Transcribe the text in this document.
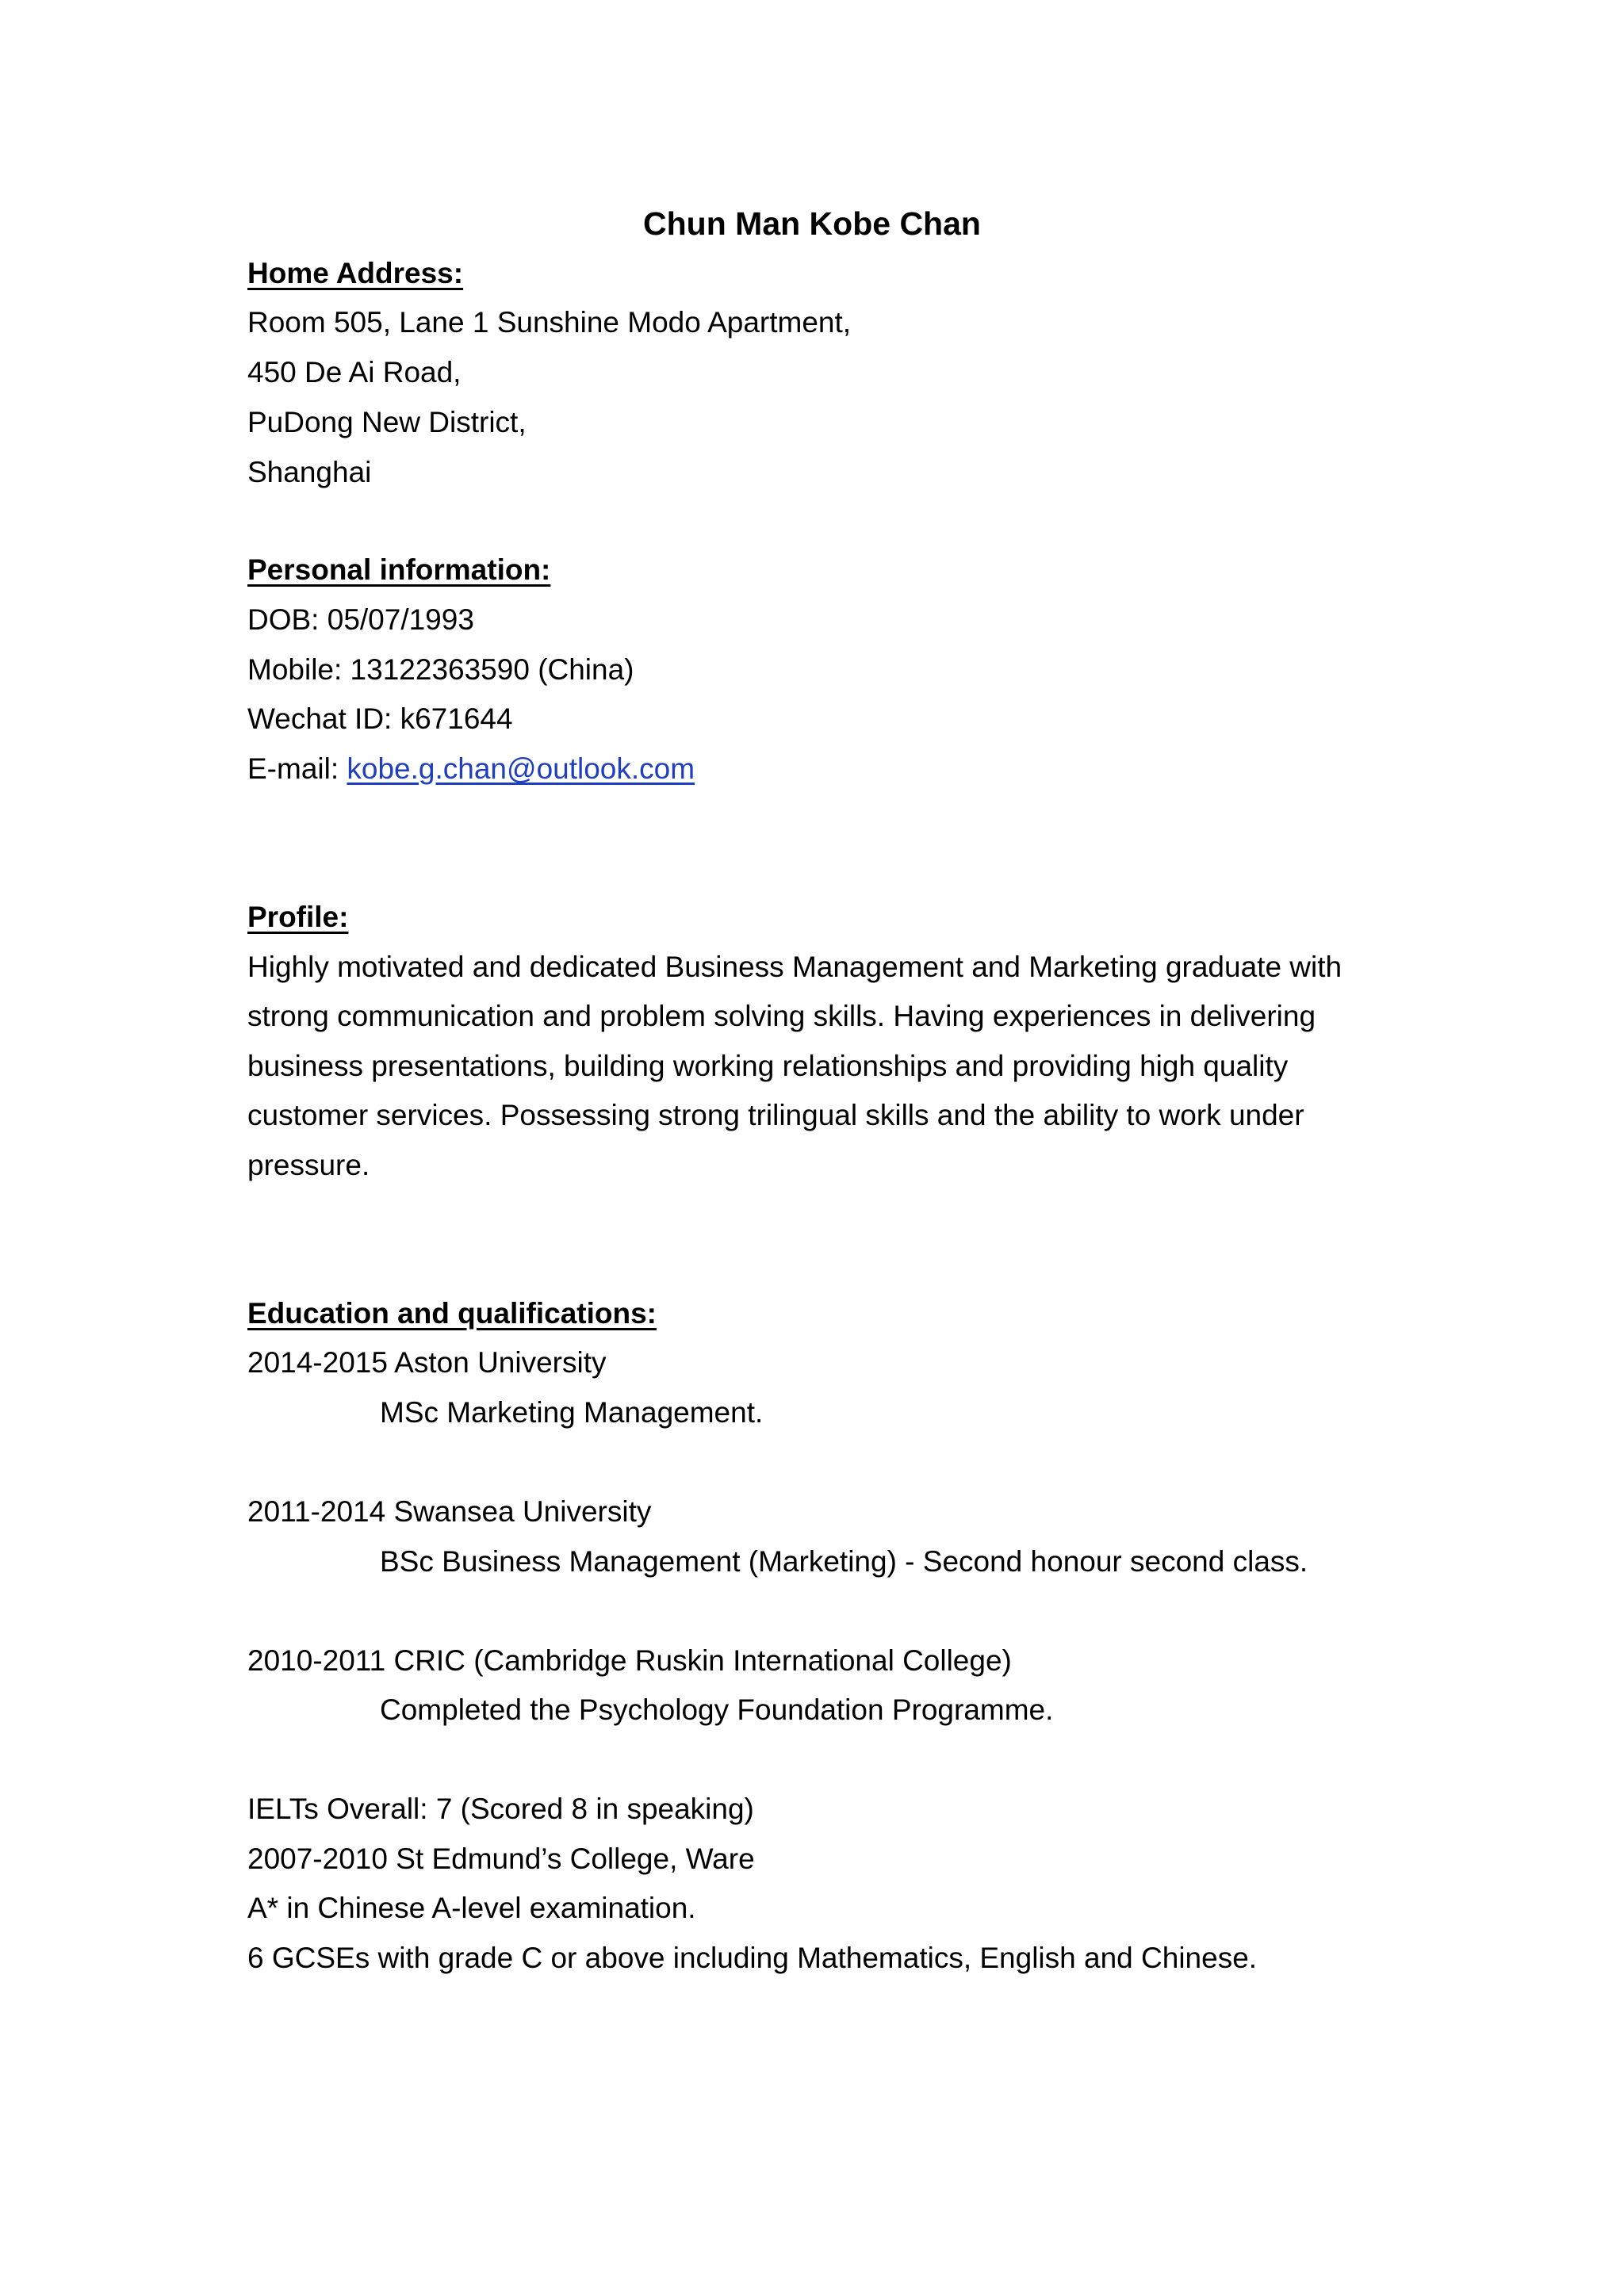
Chun Man Kobe Chan
Home Address:
Room 505, Lane 1 Sunshine Modo Apartment,
450 De Ai Road,
PuDong New District,
Shanghai
Personal information:
DOB: 05/07/1993
Mobile: 13122363590 (China)
Wechat ID: k671644
E-mail: kobe.g.chan@outlook.com
Profile:
Highly motivated and dedicated Business Management and Marketing graduate with
strong communication and problem solving skills. Having experiences in delivering
business presentations, building working relationships and providing high quality
customer services. Possessing strong trilingual skills and the ability to work under
pressure.
Education and qualifications:
2014-2015 Aston University
MSc Marketing Management.
2011-2014 Swansea University
BSc Business Management (Marketing) - Second honour second class.
2010-2011 CRIC (Cambridge Ruskin International College)
Completed the Psychology Foundation Programme.
IELTs Overall: 7 (Scored 8 in speaking)
2007-2010 St Edmund’s College, Ware
A* in Chinese A-level examination.
6 GCSEs with grade C or above including Mathematics, English and Chinese.
